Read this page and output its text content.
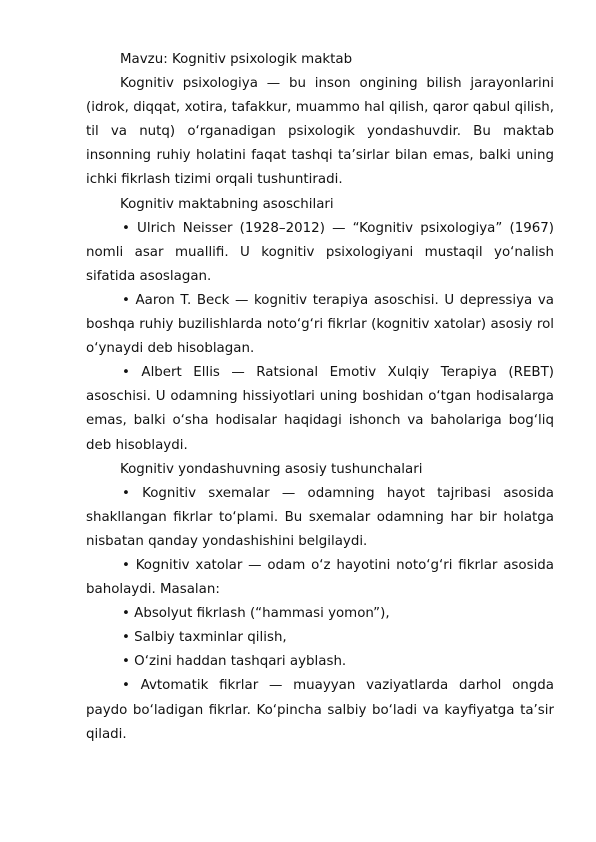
Mavzu: Kognitiv psixologik maktab

Kognitiv psixologiya — bu inson ongining bilish jarayonlarini (idrok, diqqat, xotira, tafakkur, muammo hal qilish, qaror qabul qilish, til va nutq) o‘rganadigan psixologik yondashuvdir. Bu maktab insonning ruhiy holatini faqat tashqi ta’sirlar bilan emas, balki uning ichki fikrlash tizimi orqali tushuntiradi.

Kognitiv maktabning asoschilari

• Ulrich Neisser (1928–2012) — “Kognitiv psixologiya” (1967) nomli asar muallifi. U kognitiv psixologiyani mustaqil yo‘nalish sifatida asoslagan.

• Aaron T. Beck — kognitiv terapiya asoschisi. U depressiya va boshqa ruhiy buzilishlarda noto‘g‘ri fikrlar (kognitiv xatolar) asosiy rol o‘ynaydi deb hisoblagan.

• Albert Ellis — Ratsional Emotiv Xulqiy Terapiya (REBT) asoschisi. U odamning hissiyotlari uning boshidan o‘tgan hodisalarga emas, balki o‘sha hodisalar haqidagi ishonch va baholariga bog‘liq deb hisoblaydi.

Kognitiv yondashuvning asosiy tushunchalari

• Kognitiv sxemalar — odamning hayot tajribasi asosida shakllangan fikrlar to‘plami. Bu sxemalar odamning har bir holatga nisbatan qanday yondashishini belgilaydi.

• Kognitiv xatolar — odam o‘z hayotini noto‘g‘ri fikrlar asosida baholaydi. Masalan:

• Absolyut fikrlash (“hammasi yomon”),

• Salbiy taxminlar qilish,

• O‘zini haddan tashqari ayblash.

• Avtomatik fikrlar — muayyan vaziyatlarda darhol ongda paydo bo‘ladigan fikrlar. Ko‘pincha salbiy bo‘ladi va kayfiyatga ta’sir qiladi.
